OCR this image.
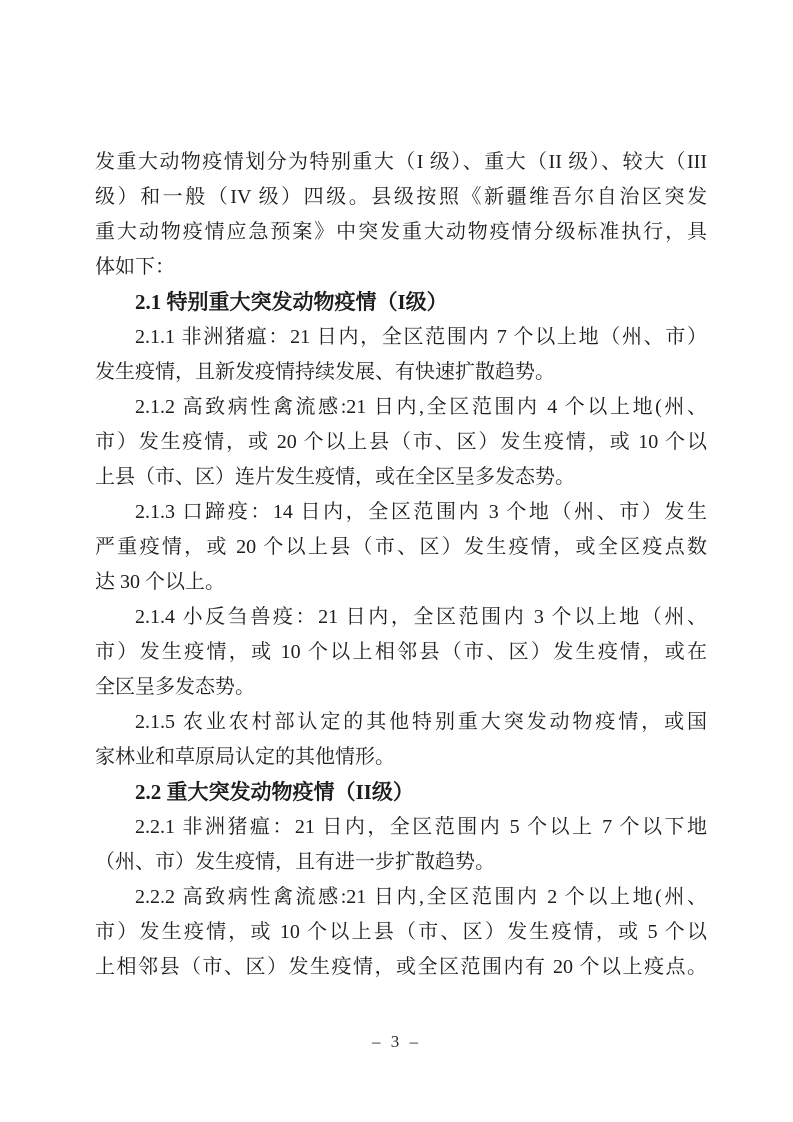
发重大动物疫情划分为特别重大（I 级）、重大（II 级）、较大（III
级）和一般（IV 级）四级。县级按照《新疆维吾尔自治区突发
重大动物疫情应急预案》中突发重大动物疫情分级标准执行，具
体如下：
2.1 特别重大突发动物疫情（I级）
2.1.1 非洲猪瘟：21 日内，全区范围内 7 个以上地（州、市）
发生疫情，且新发疫情持续发展、有快速扩散趋势。
2.1.2 高致病性禽流感:21 日内,全区范围内 4 个以上地(州、
市）发生疫情，或 20 个以上县（市、区）发生疫情，或 10 个以
上县（市、区）连片发生疫情，或在全区呈多发态势。
2.1.3 口蹄疫：14 日内，全区范围内 3 个地（州、市）发生
严重疫情，或 20 个以上县（市、区）发生疫情，或全区疫点数
达 30 个以上。
2.1.4 小反刍兽疫：21 日内，全区范围内 3 个以上地（州、
市）发生疫情，或 10 个以上相邻县（市、区）发生疫情，或在
全区呈多发态势。
2.1.5 农业农村部认定的其他特别重大突发动物疫情，或国
家林业和草原局认定的其他情形。
2.2 重大突发动物疫情（II级）
2.2.1 非洲猪瘟：21 日内，全区范围内 5 个以上 7 个以下地
（州、市）发生疫情，且有进一步扩散趋势。
2.2.2 高致病性禽流感:21 日内,全区范围内 2 个以上地(州、
市）发生疫情，或 10 个以上县（市、区）发生疫情，或 5 个以
上相邻县（市、区）发生疫情，或全区范围内有 20 个以上疫点。
– 3 –
